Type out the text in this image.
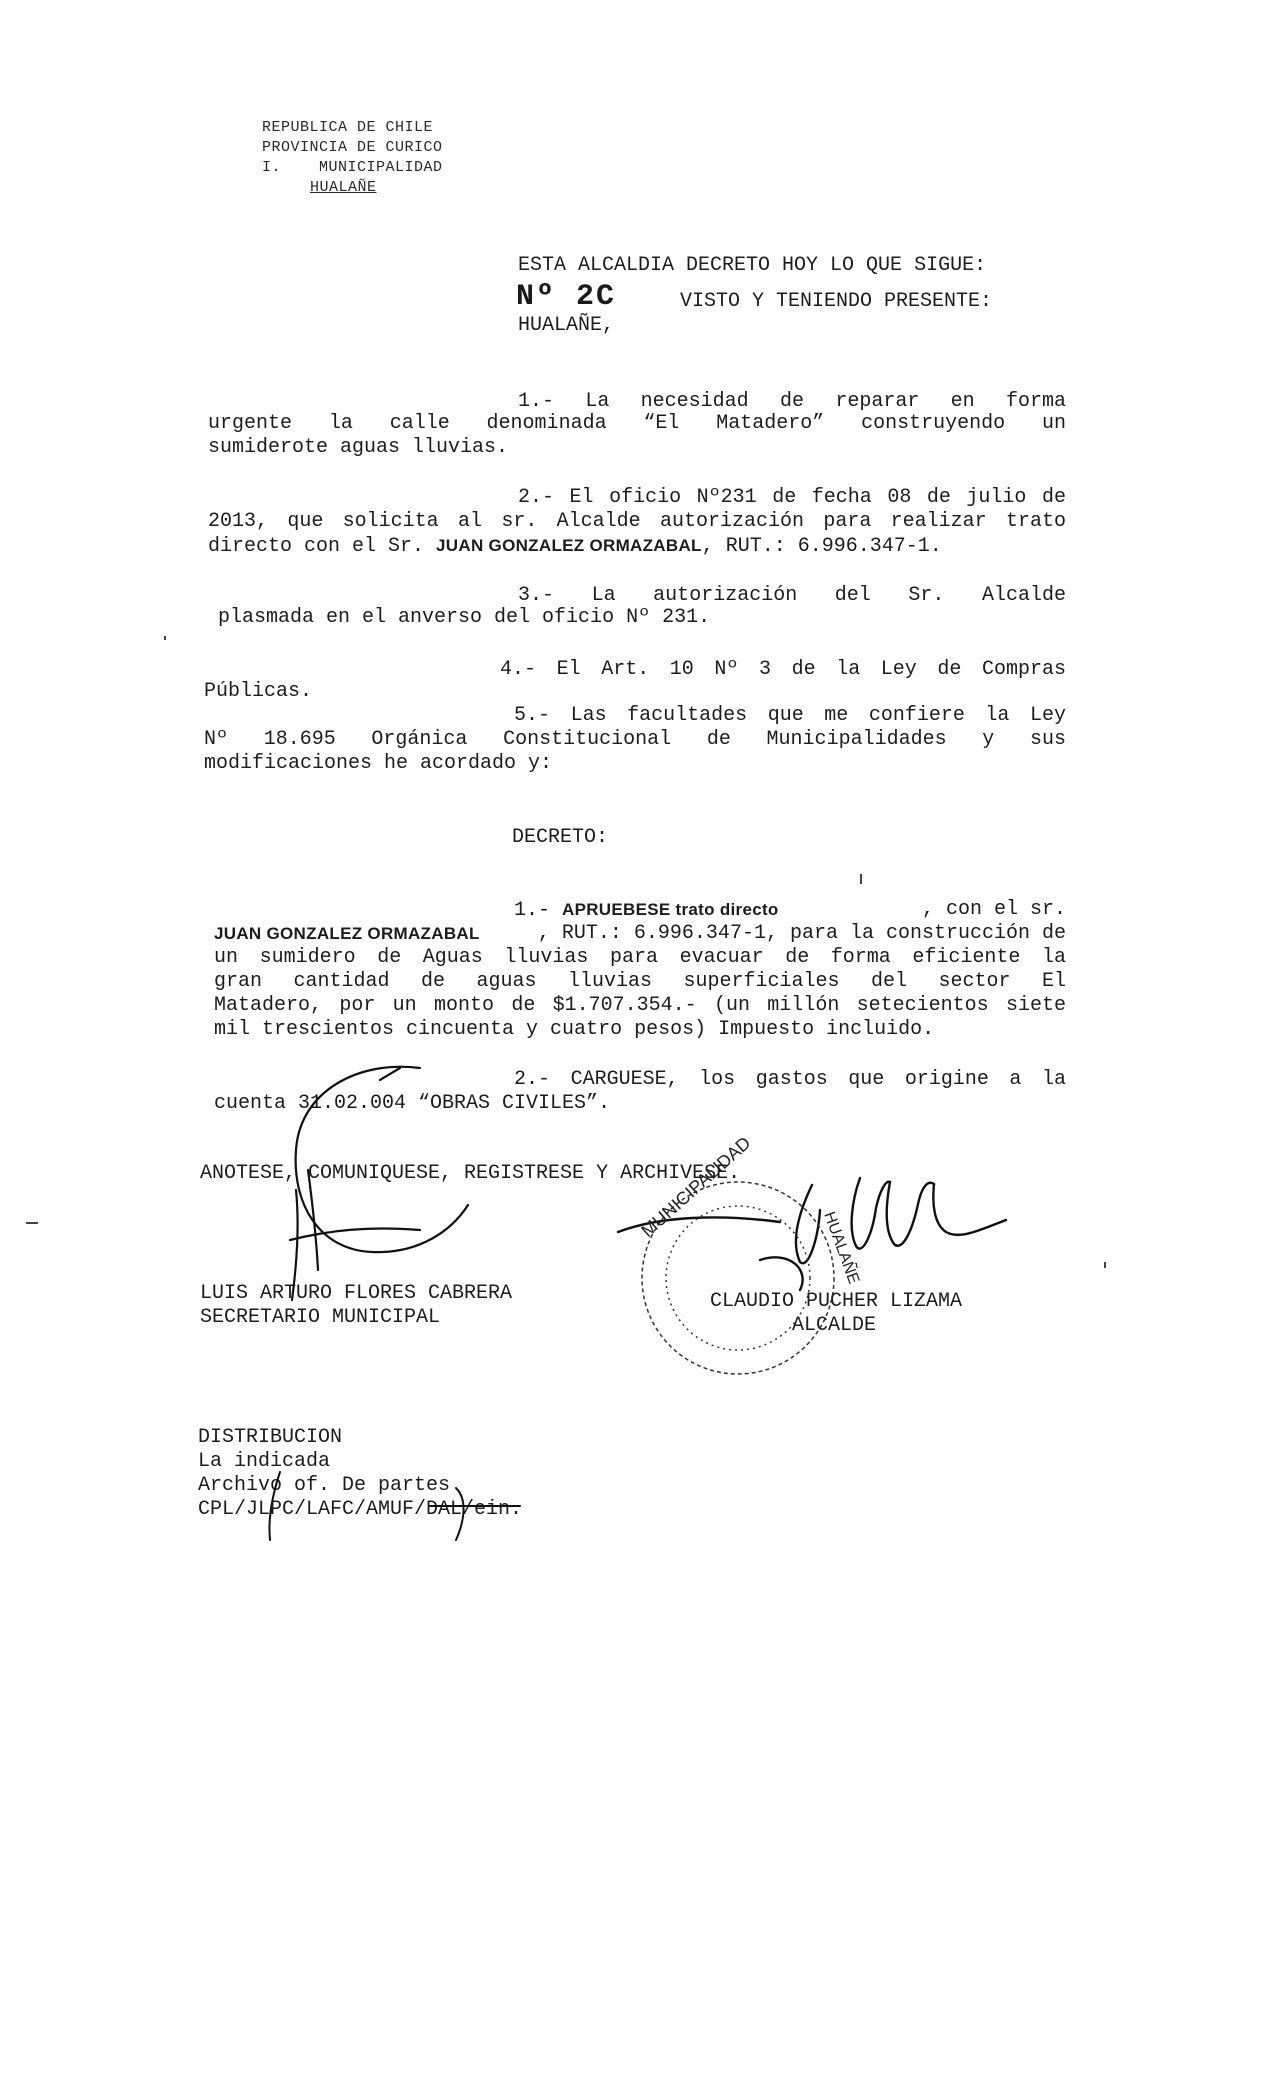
REPUBLICA DE CHILE
PROVINCIA DE CURICO
I.    MUNICIPALIDAD
HUALAÑE
ESTA ALCALDIA DECRETO HOY LO QUE SIGUE:
Nº 2C	VISTO Y TENIENDO PRESENTE:
HUALAÑE,
1.- La necesidad de reparar en forma
urgente la calle denominada “El Matadero” construyendo un
sumiderote aguas lluvias.
2.- El oficio Nº231 de fecha 08 de julio de
2013, que solicita al sr. Alcalde autorización para realizar trato
directo con el Sr. JUAN GONZALEZ ORMAZABAL, RUT.: 6.996.347-1.
3.- La autorización del Sr. Alcalde
plasmada en el anverso del oficio Nº 231.
4.- El Art. 10 Nº 3 de la Ley de Compras
Públicas.
5.- Las facultades que me confiere la Ley
Nº 18.695 Orgánica Constitucional de Municipalidades y sus
modificaciones he acordado y:
DECRETO:
1.- APRUEBESE trato directo	, con el sr.
JUAN GONZALEZ ORMAZABAL	, RUT.: 6.996.347-1, para la construcción de
un sumidero de Aguas lluvias para evacuar de forma eficiente la
gran cantidad de aguas lluvias superficiales del sector El
Matadero, por un monto de $1.707.354.- (un millón setecientos siete
mil trescientos cincuenta y cuatro pesos) Impuesto incluido.
2.- CARGUESE, los gastos que origine a la
cuenta 31.02.004 “OBRAS CIVILES”.
ANOTESE, COMUNIQUESE, REGISTRESE Y ARCHIVESE.
LUIS ARTURO FLORES CABRERA
SECRETARIO MUNICIPAL
CLAUDIO PUCHER LIZAMA
ALCALDE
DISTRIBUCION
La indicada
Archivo of. De partes
CPL/JLPC/LAFC/AMUF/DAL/ein.
MUNICIPALIDAD
HUALAÑE
